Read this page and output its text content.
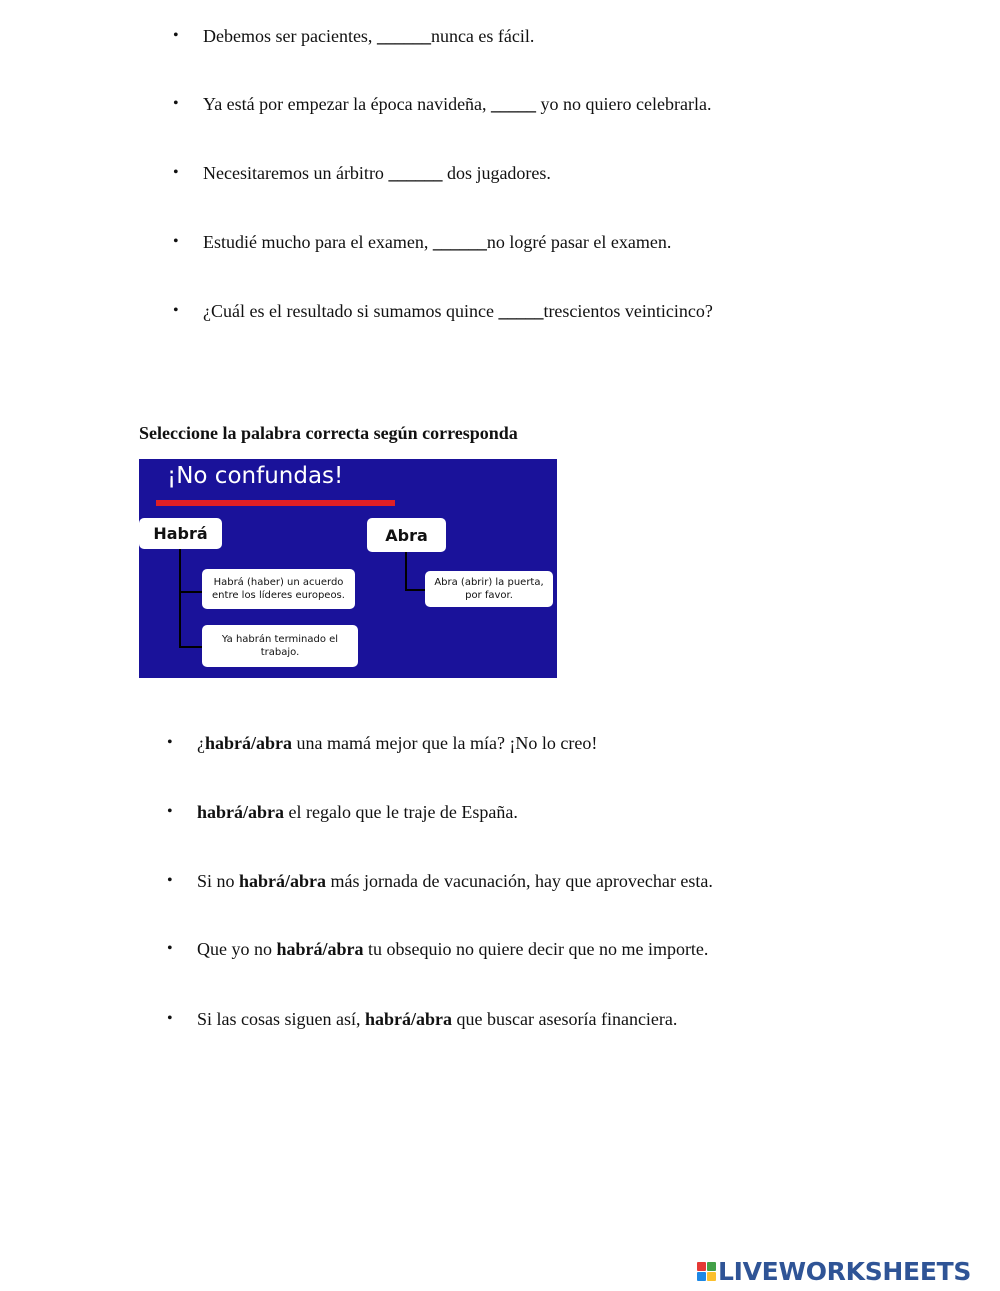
• Debemos ser pacientes, ______nunca es fácil.
• Ya está por empezar la época navideña, _____ yo no quiero celebrarla.
• Necesitaremos un árbitro ______ dos jugadores.
• Estudié mucho para el examen, ______no logré pasar el examen.
• ¿Cuál es el resultado si sumamos quince _____trescientos veinticinco?
Seleccione la palabra correcta según corresponda
¡No confundas!
Habrá	Abra
Habrá (haber) un acuerdo
entre los líderes europeos.
Ya habrán terminado el
trabajo.
Abra (abrir) la puerta,
por favor.
• ¿habrá/abra una mamá mejor que la mía? ¡No lo creo!
• habrá/abra el regalo que le traje de España.
• Si no habrá/abra más jornada de vacunación, hay que aprovechar esta.
• Que yo no habrá/abra tu obsequio no quiere decir que no me importe.
• Si las cosas siguen así, habrá/abra que buscar asesoría financiera.
LIVEWORKSHEETS
